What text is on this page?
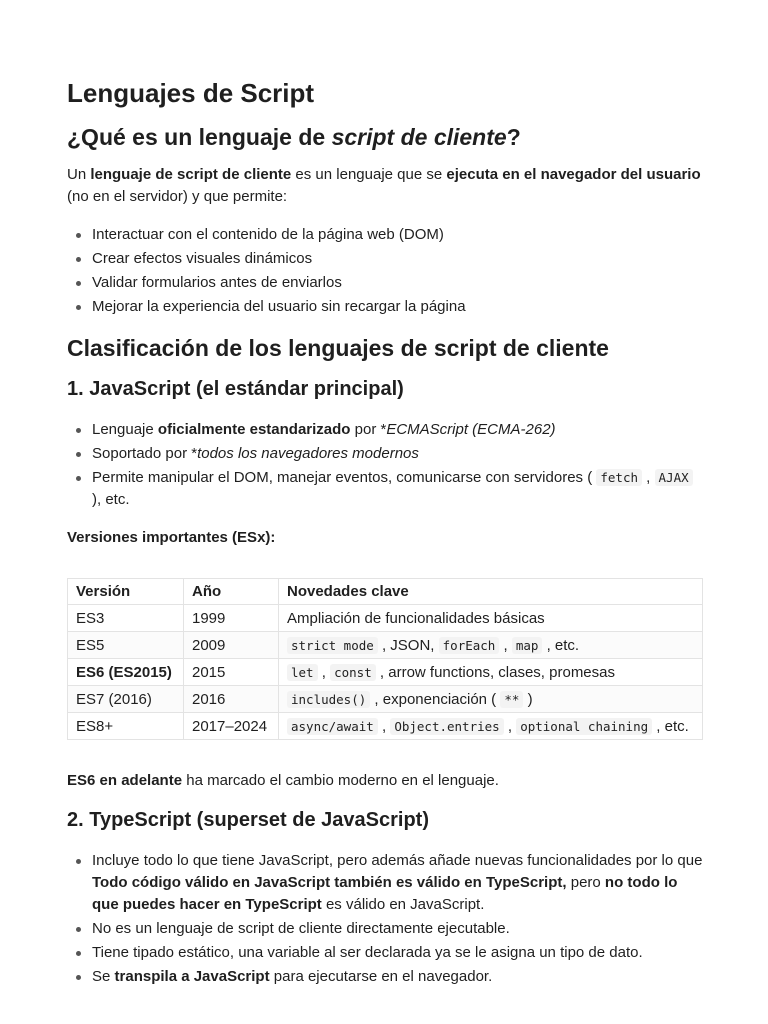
Lenguajes de Script
¿Qué es un lenguaje de script de cliente?

Un lenguaje de script de cliente es un lenguaje que se ejecuta en el navegador del usuario (no en el servidor) y que permite:

Interactuar con el contenido de la página web (DOM)
Crear efectos visuales dinámicos
Validar formularios antes de enviarlos
Mejorar la experiencia del usuario sin recargar la página
Clasificación de los lenguajes de script de cliente
1. JavaScript (el estándar principal)
Lenguaje oficialmente estandarizado por *ECMAScript (ECMA-262)
Soportado por *todos los navegadores modernos
Permite manipular el DOM, manejar eventos, comunicarse con servidores ( fetch , AJAX ), etc.

Versiones importantes (ESx):

Versión	Año	Novedades clave
ES3	1999	Ampliación de funcionalidades básicas
ES5	2009	strict mode , JSON, forEach , map , etc.
ES6 (ES2015)	2015	let , const , arrow functions, clases, promesas
ES7 (2016)	2016	includes() , exponenciación ( ** )
ES8+	2017–2024	async/await , Object.entries , optional chaining , etc.

ES6 en adelante ha marcado el cambio moderno en el lenguaje.

2. TypeScript (superset de JavaScript)
Incluye todo lo que tiene JavaScript, pero además añade nuevas funcionalidades por lo que Todo código válido en JavaScript también es válido en TypeScript, pero no todo lo que puedes hacer en TypeScript es válido en JavaScript.
No es un lenguaje de script de cliente directamente ejecutable.
Tiene tipado estático, una variable al ser declarada ya se le asigna un tipo de dato.
Se transpila a JavaScript para ejecutarse en el navegador.
